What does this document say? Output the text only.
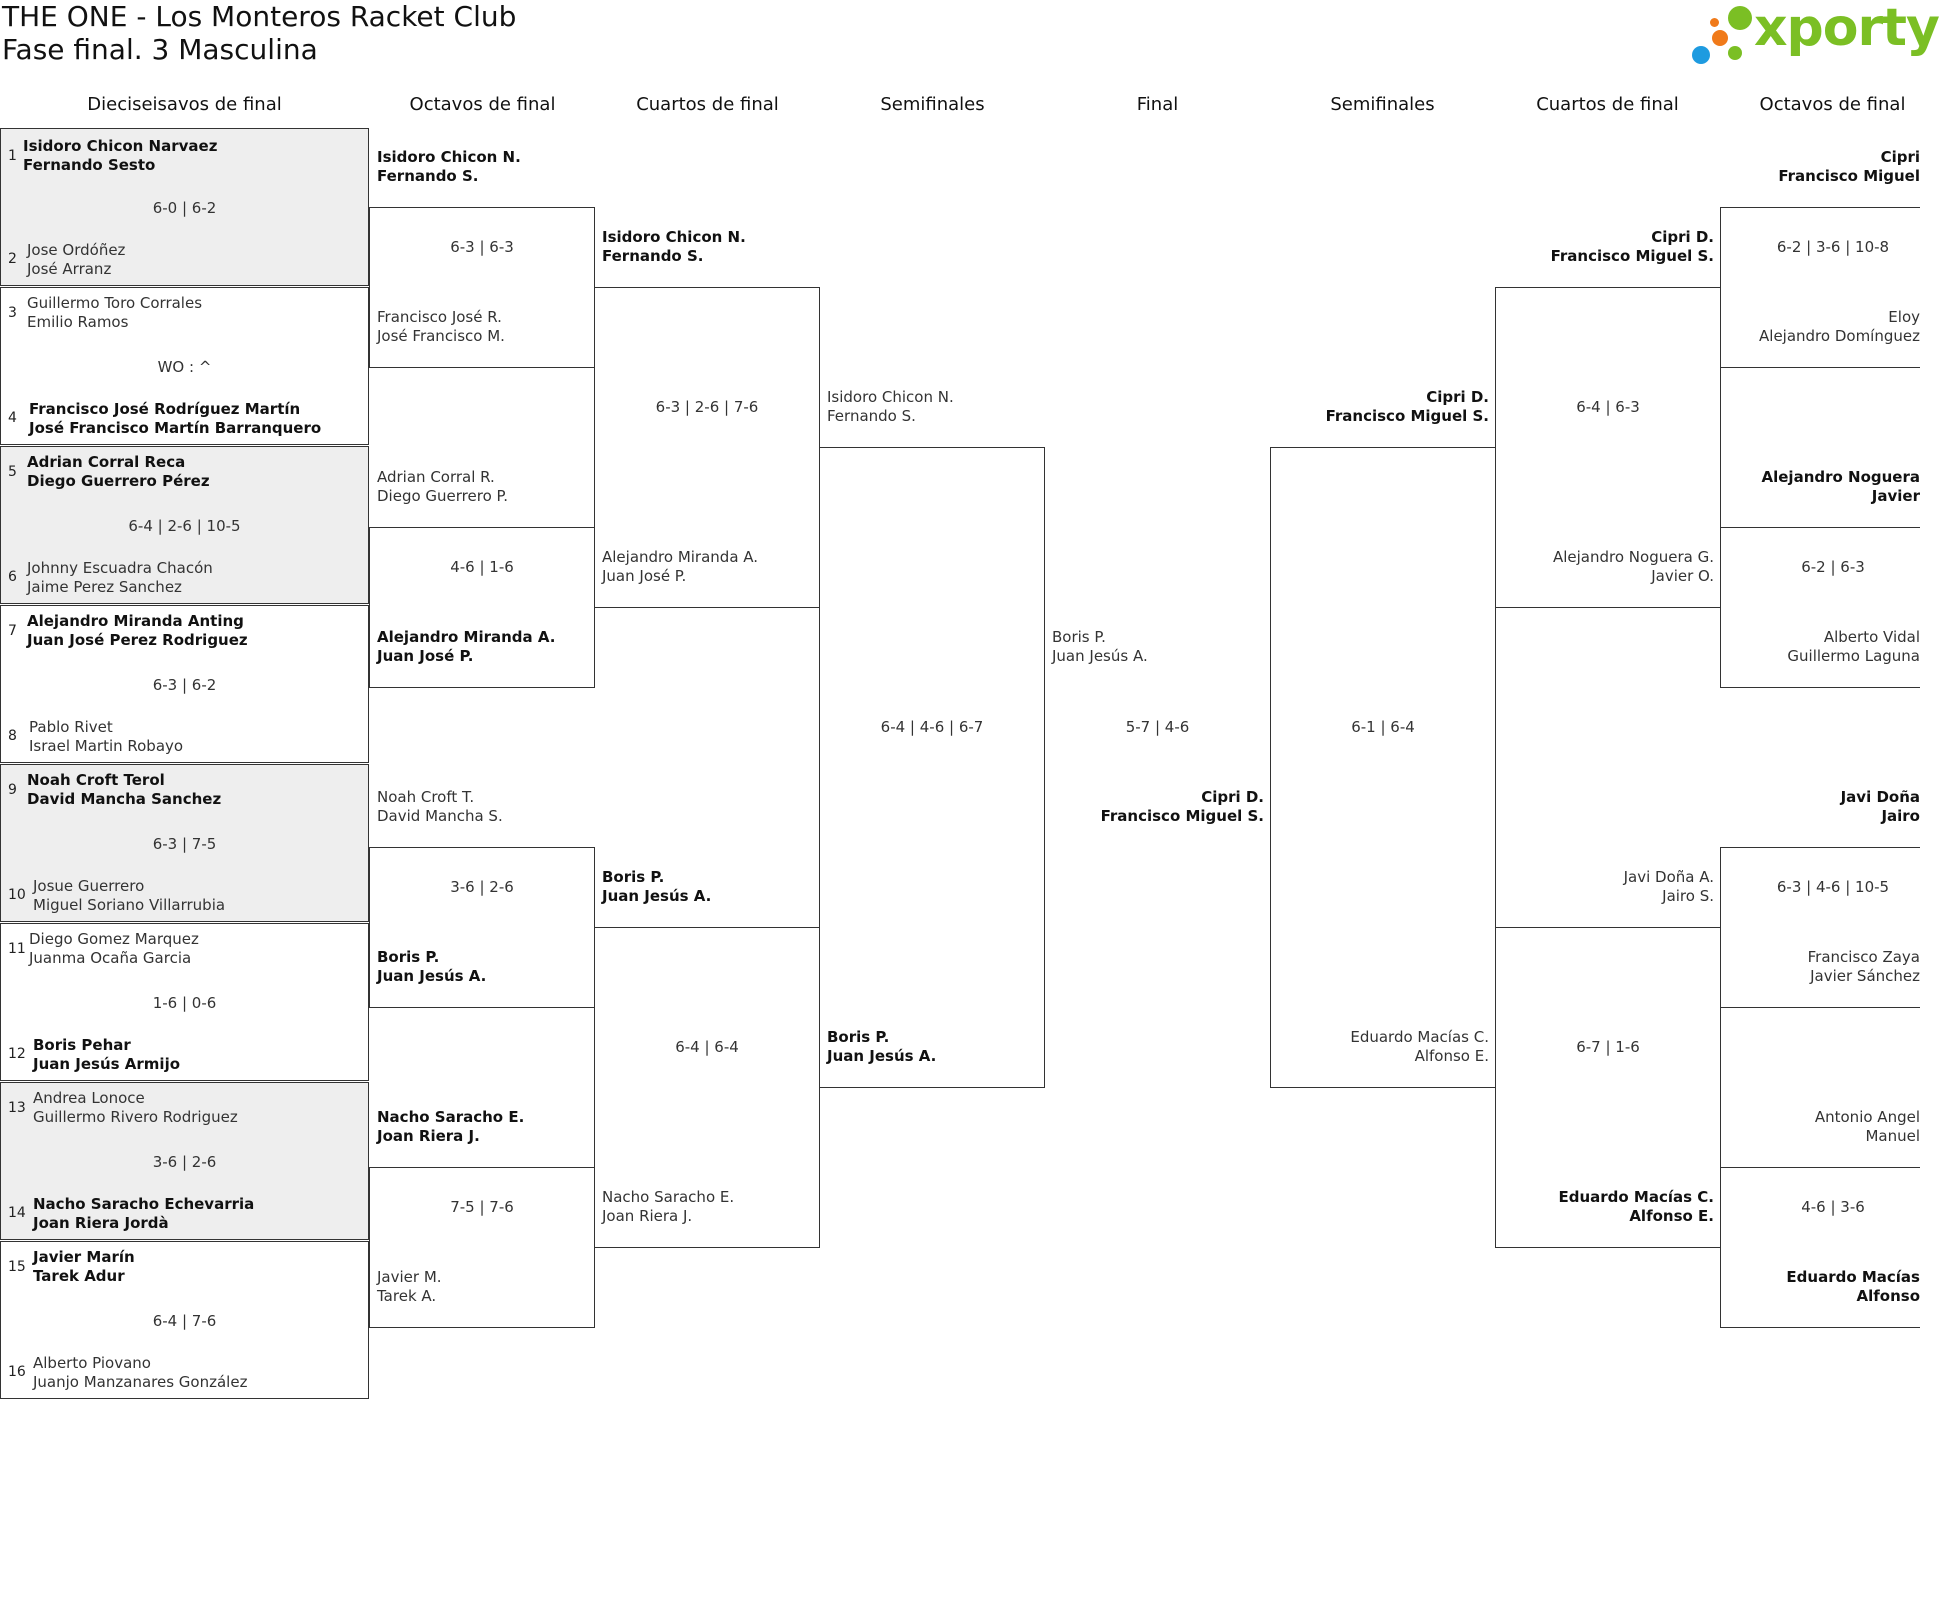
THE ONE - Los Monteros Racket Club
Fase final. 3 Masculina	xporty
Dieciseisavos de final	Octavos de final	Cuartos de final	Semifinales	Final	Semifinales	Cuartos de final	Octavos de final
1
Isidoro Chicon Narvaez
Fernando Sesto
6-0 | 6-2
2 Jose Ordóñez
José Arranz
3
Guillermo Toro Corrales
Emilio Ramos
WO : ^
4 Francisco José Rodríguez Martín
José Francisco Martín Barranquero
5
Adrian Corral Reca
Diego Guerrero Pérez
6-4 | 2-6 | 10-5
6 Johnny Escuadra Chacón
Jaime Perez Sanchez
7
Alejandro Miranda Anting
Juan José Perez Rodriguez
6-3 | 6-2
8 Pablo Rivet
Israel Martin Robayo
9
Noah Croft Terol
David Mancha Sanchez
6-3 | 7-5
10 Josue Guerrero
Miguel Soriano Villarrubia
11
Diego Gomez Marquez
Juanma Ocaña Garcia
1-6 | 0-6
12 Boris Pehar
Juan Jesús Armijo
13
Andrea Lonoce
Guillermo Rivero Rodriguez
3-6 | 2-6
14 Nacho Saracho Echevarria
Joan Riera Jordà
15
Javier Marín
Tarek Adur
6-4 | 7-6
16 Alberto Piovano
Juanjo Manzanares González
Isidoro Chicon N.
Fernando S.
6-3 | 6-3
Francisco José R.
José Francisco M.
Adrian Corral R.
Diego Guerrero P.
4-6 | 1-6
Alejandro Miranda A.
Juan José P.
Noah Croft T.
David Mancha S.
3-6 | 2-6
Boris P.
Juan Jesús A.
Nacho Saracho E.
Joan Riera J.
7-5 | 7-6
Javier M.
Tarek A.
Isidoro Chicon N.
Fernando S.
6-3 | 2-6 | 7-6
Alejandro Miranda A.
Juan José P.
Boris P.
Juan Jesús A.
6-4 | 6-4
Nacho Saracho E.
Joan Riera J.
Isidoro Chicon N.
Fernando S.
6-4 | 4-6 | 6-7
Boris P.
Juan Jesús A.
Boris P.
Juan Jesús A.
5-7 | 4-6
Cipri D.
Francisco Miguel S.
Cipri D.
Francisco Miguel S.
6-1 | 6-4
Eduardo Macías C.
Alfonso E.
Cipri D.
Francisco Miguel S.
6-4 | 6-3
Alejandro Noguera G.
Javier O.
Javi Doña A.
Jairo S.
6-7 | 1-6
Eduardo Macías C.
Alfonso E.
Cipri
Francisco Miguel
6-2 | 3-6 | 10-8
Eloy
Alejandro Domínguez
Alejandro Noguera
Javier
6-2 | 6-3
Alberto Vidal
Guillermo Laguna
Javi Doña
Jairo
6-3 | 4-6 | 10-5
Francisco Zaya
Javier Sánchez
Antonio Angel
Manuel
4-6 | 3-6
Eduardo Macías
Alfonso
